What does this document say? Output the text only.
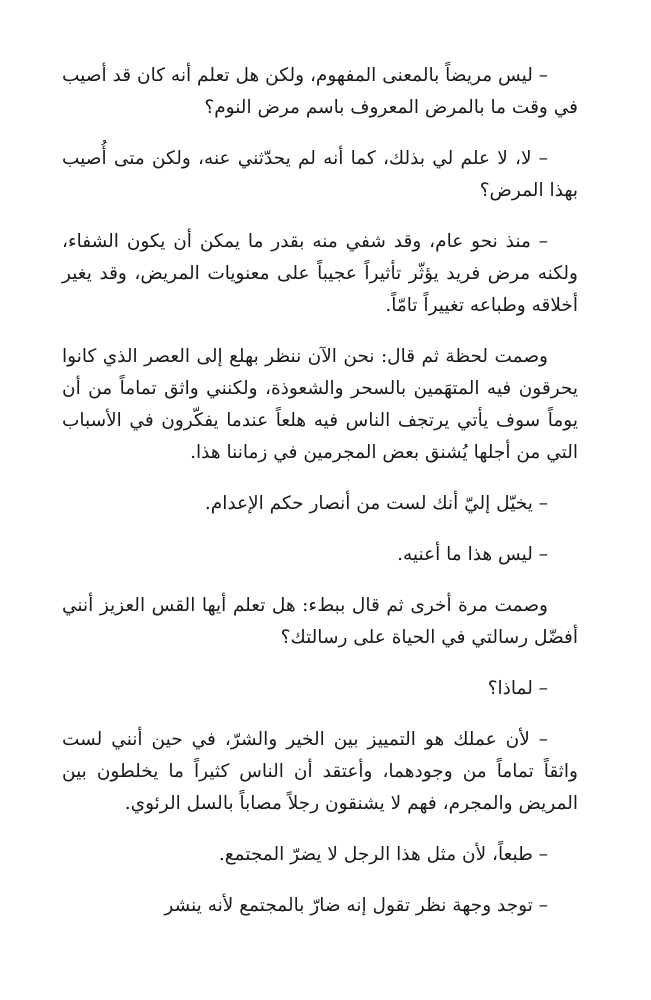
– ليس مريضاً بالمعنى المفهوم، ولكن هل تعلم أنه كان قد أصيب في وقت ما بالمرض المعروف باسم مرض النوم؟

– لا، لا علم لي بذلك، كما أنه لم يحدّثني عنه، ولكن متى أُصيب بهذا المرض؟

– منذ نحو عام، وقد شفي منه بقدر ما يمكن أن يكون الشفاء، ولكنه مرض فريد يؤثّر تأثيراً عجيباً على معنويات المريض، وقد يغير أخلاقه وطباعه تغييراً تامّاً.

وصمت لحظة ثم قال: نحن الآن ننظر بهلع إلى العصر الذي كانوا يحرقون فيه المتهَمين بالسحر والشعوذة، ولكنني واثق تماماً من أن يوماً سوف يأتي يرتجف الناس فيه هلعاً عندما يفكّرون في الأسباب التي من أجلها يُشنق بعض المجرمين في زماننا هذا.

– يخيّل إليّ أنك لست من أنصار حكم الإعدام.

– ليس هذا ما أعنيه.

وصمت مرة أخرى ثم قال ببطء: هل تعلم أيها القس العزيز أنني أفضّل رسالتي في الحياة على رسالتك؟

– لماذا؟

– لأن عملك هو التمييز بين الخير والشرّ، في حين أنني لست واثقاً تماماً من وجودهما، وأعتقد أن الناس كثيراً ما يخلطون بين المريض والمجرم، فهم لا يشنقون رجلاً مصاباً بالسل الرئوي.

– طبعاً، لأن مثل هذا الرجل لا يضرّ المجتمع.

– توجد وجهة نظر تقول إنه ضارّ بالمجتمع لأنه ينشر
